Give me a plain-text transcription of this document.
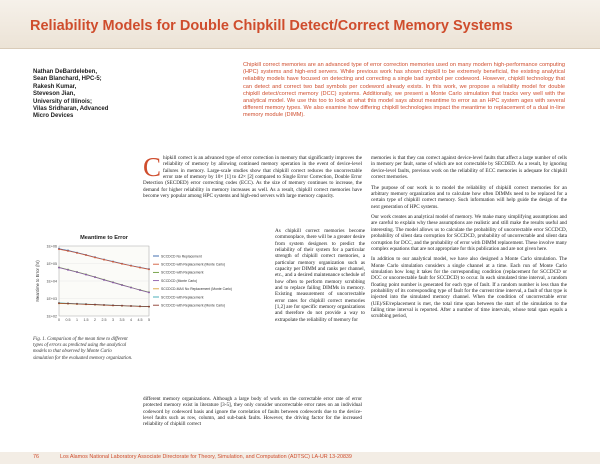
Reliability Models for Double Chipkill Detect/Correct Memory Systems
Nathan DeBardeleben,
Sean Blanchard, HPC-5;
Rakesh Kumar,
Steveson Jian,
University of Illinois;
Vilas Sridharan, Advanced
Micro Devices
Chipkill correct memories are an advanced type of error correction memories used on many modern high-performance computing (HPC) systems and high-end servers. While previous work has shown chipkill to be extremely beneficial, the existing analytical reliability models have focused on detecting and correcting a single bad symbol per codeword. However, chipkill technology that can detect and correct two bad symbols per codeword already exists. In this work, we propose a reliability model for double chipkill detect/correct memory (DCC) systems. Additionally, we present a Monte Carlo simulation that tracks very well with the analytical model. We use this too to look at what this model says about meantime to error as an HPC system ages with several different memory types. We also examine how differing chipkill technologies impact the meantime to replacement of a dual in-line memory module (DIMM).
Chipkill correct is an advanced type of error correction in memory that significantly improves the reliability of memory by allowing continued memory operation in the event of device-level failures in memory. Large-scale studies show that chipkill correct reduces the uncorrectable error rate of memory by 10× [1] to 42× [2] compared to Single Error Correction, Double Error Detection (SECDED) error correcting codes (ECC). As the size of memory continues to increase, the demand for higher reliability in memory increases as well. As a result, chipkill correct memories have become very popular among HPC systems and high-end servers with large memory capacity.
Meantime to Error
1E+06
1E+05
1E+04
1E+03
1E+02
0 0.5 1 1.5 2 2.5 3 3.5 4 4.5 5
Meantime to Error (hr)
SCCDCD No Replacement
SCCDCD with Replacement (Monte Carlo)
SCCDCD with Replacement
SCCDCD (Monte Carlo)
SCCDCD-MAX No Replacement (Monte Carlo)
SCCDCD with Replacement
SCCDCD with Replacement (Monte Carlo)
Fig. 1. Comparison of the mean time to different types of errors as predicted using the analytical models to that observed by Monte Carlo simulation for the evaluated memory organization.
As chipkill correct memories become commonplace, there will be a greater desire from system designers to predict the reliability of their system for a particular strength of chipkill correct memories, a particular memory organization such as capacity per DIMM and ranks per channel, etc., and a desired maintenance schedule of how often to perform memory scrubbing and to replace failing DIMMs in memory. Existing measurement of uncorrectable error rates for chipkill correct memories [1,2] are for specific memory organizations and therefore do not provide a way to extrapolate the reliability of memory for
different memory organizations. Although a large body of work on the correctable error rate of error protected memory exist in literature [3-5], they only consider uncorrectable error rates on an individual codeword by codeword basis and ignore the correlation of faults between codewords due to the device-level faults such as row, column, and sub-bank faults. However, the driving factor for the increased reliability of chipkill correct

memories is that they can correct against device-level faults that affect a large number of cells in memory per fault, some of which are not correctable by SECDED. As a result, by ignoring device-level faults, previous work on the reliability of ECC memories is adequate for chipkill correct memories.

The purpose of our work is to model the reliability of chipkill correct memories for an arbitrary memory organization and to calculate how often DIMMs need to be replaced for a certain type of chipkill correct memory. Such information will help guide the design of the next generation of HPC systems.

Our work creates an analytical model of memory. We make many simplifying assumptions and are careful to explain why these assumptions are realistic and still make the results useful and interesting. The model allows us to calculate the probability of uncorrectable error SCCDCD, probability of silent data corruption for SCCDCD, probability of uncorrectable and silent data corruption for DCC, and the probability of error with DIMM replacement. These involve many complex equations that are not appropriate for this publication and are not given here.

In addition to our analytical model, we have also designed a Monte Carlo simulation. The Monte Carlo simulation considers a single channel at a time. Each run of Monte Carlo simulation how long it takes for the corresponding condition (replacement for SCCDCD or DCC or uncorrectable fault for SCCDCD) to occur. In each simulated time interval, a random floating point number is generated for each type of fault. If a random number is less than the probability of its corresponding type of fault for the current time interval, a fault of that type is injected into the simulated memory channel. When the condition of uncorrectable error (UE)/SE/replacement is met, the total time span between the start of the simulation to the failing time interval is reported. After a number of time intervals, whose total span equals a scrubbing period,

76	Los Alamos National Laboratory Associate Directorate for Theory, Simulation, and Computation (ADTSC) LA-UR 13-20839
